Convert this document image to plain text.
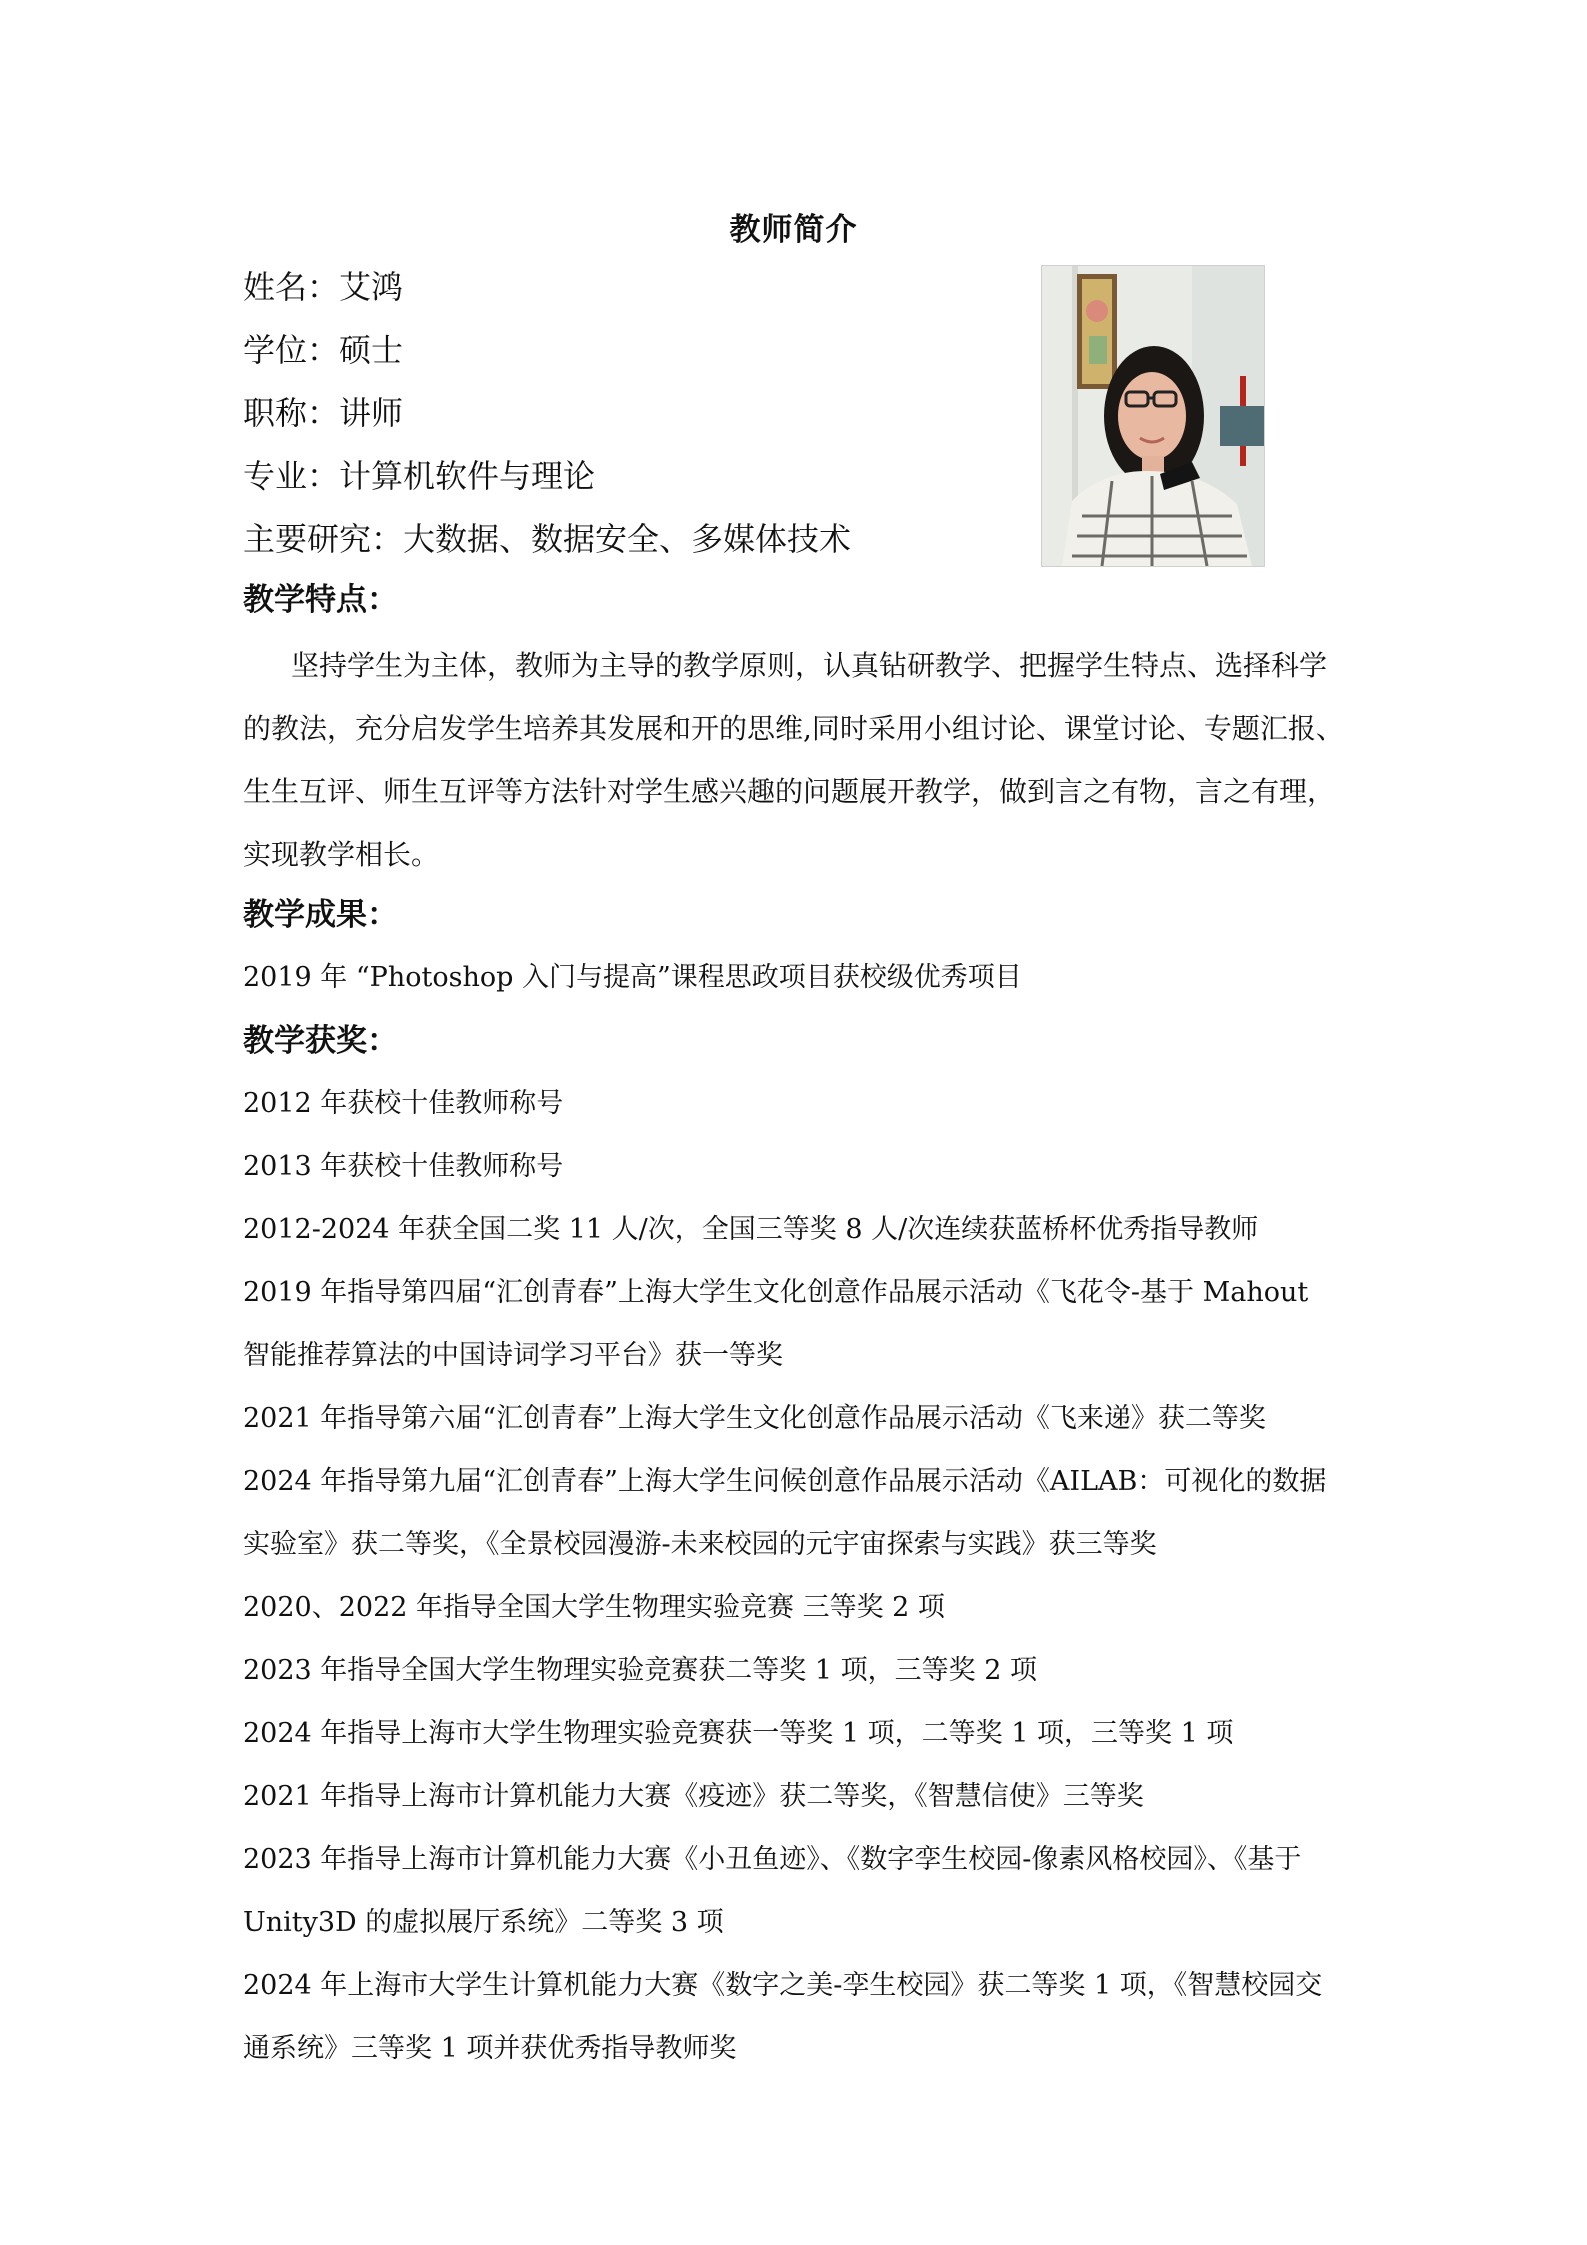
教师简介
姓名：艾鸿
学位：硕士
职称：讲师
专业：计算机软件与理论
主要研究：大数据、数据安全、多媒体技术
教学特点：
坚持学生为主体，教师为主导的教学原则，认真钻研教学、把握学生特点、选择科学的教法，充分启发学生培养其发展和开的思维,同时采用小组讨论、课堂讨论、专题汇报、生生互评、师生互评等方法针对学生感兴趣的问题展开教学，做到言之有物，言之有理，实现教学相长。
教学成果：
2019 年 “Photoshop 入门与提高”课程思政项目获校级优秀项目
教学获奖：
2012 年获校十佳教师称号
2013 年获校十佳教师称号
2012-2024 年获全国二奖 11 人/次，全国三等奖 8 人/次连续获蓝桥杯优秀指导教师
2019 年指导第四届“汇创青春”上海大学生文化创意作品展示活动《飞花令-基于 Mahout
智能推荐算法的中国诗词学习平台》获一等奖
2021 年指导第六届“汇创青春”上海大学生文化创意作品展示活动《飞来递》获二等奖
2024 年指导第九届“汇创青春”上海大学生问候创意作品展示活动《AILAB：可视化的数据
实验室》获二等奖，《全景校园漫游-未来校园的元宇宙探索与实践》获三等奖
2020、2022 年指导全国大学生物理实验竞赛 三等奖 2 项
2023 年指导全国大学生物理实验竞赛获二等奖 1 项，三等奖 2 项
2024 年指导上海市大学生物理实验竞赛获一等奖 1 项，二等奖 1 项，三等奖 1 项
2021 年指导上海市计算机能力大赛《疫迹》获二等奖，《智慧信使》三等奖
2023 年指导上海市计算机能力大赛《小丑鱼迹》、《数字孪生校园-像素风格校园》、《基于
Unity3D 的虚拟展厅系统》二等奖 3 项
2024 年上海市大学生计算机能力大赛《数字之美-孪生校园》获二等奖 1 项，《智慧校园交
通系统》三等奖 1 项并获优秀指导教师奖
